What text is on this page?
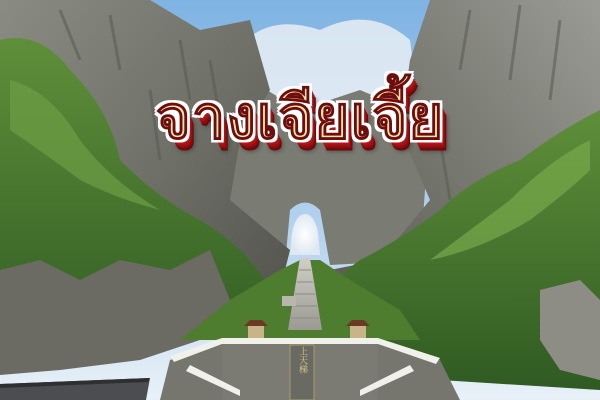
上天梯
จางเจียเจี้ย
